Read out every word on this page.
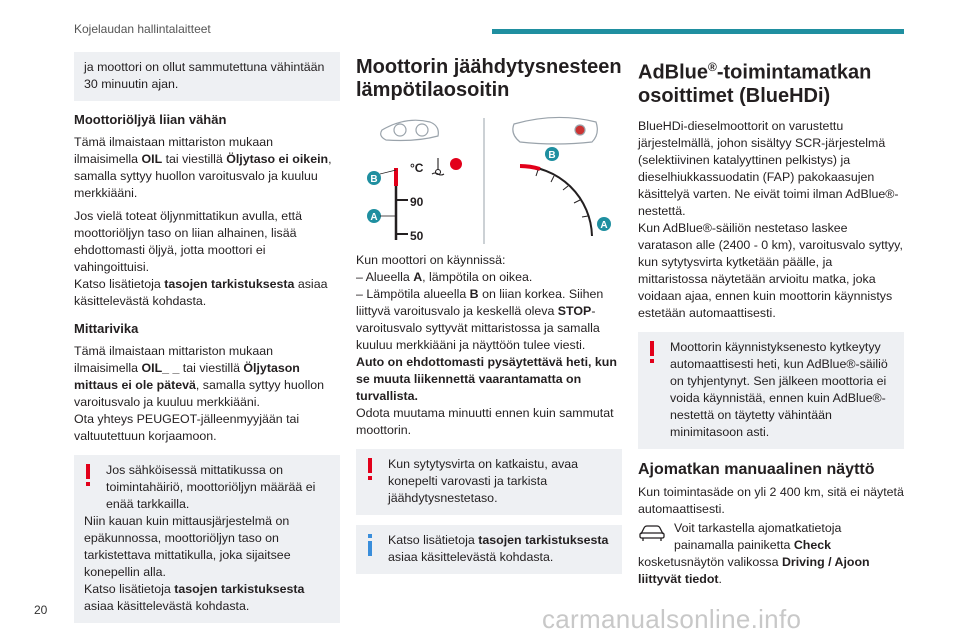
Kojelaudan hallintalaitteet

ja moottori on ollut sammutettuna vähintään 30 minuutin ajan.

Moottoriöljyä liian vähän

Tämä ilmaistaan mittariston mukaan ilmaisimella OIL tai viestillä Öljytaso ei oikein, samalla syttyy huollon varoitusvalo ja kuuluu merkkiääni.

Jos vielä toteat öljynmittatikun avulla, että moottoriöljyn taso on liian alhainen, lisää ehdottomasti öljyä, jotta moottori ei vahingoittuisi.

Katso lisätietoja tasojen tarkistuksesta asiaa käsittelevästä kohdasta.

Mittarivika

Tämä ilmaistaan mittariston mukaan ilmaisimella OIL_ _ tai viestillä Öljytason mittaus ei ole pätevä, samalla syttyy huollon varoitusvalo ja kuuluu merkkiääni.

Ota yhteys PEUGEOT-jälleenmyyjään tai valtuutettuun korjaamoon.

Jos sähköisessä mittatikussa on toimintahäiriö, moottoriöljyn määrää ei enää tarkkailla.

Niin kauan kuin mittausjärjestelmä on epäkunnossa, moottoriöljyn taso on tarkistettava mittatikulla, joka sijaitsee konepellin alla.

Katso lisätietoja tasojen tarkistuksesta asiaa käsittelevästä kohdasta.

Moottorin jäähdytysnesteen lämpötilaosoitin
°C
90
50
B
A
B
A

Kun moottori on käynnissä:

– Alueella A, lämpötila on oikea.

– Lämpötila alueella B on liian korkea. Siihen liittyvä varoitusvalo ja keskellä oleva STOP-varoitusvalo syttyvät mittaristossa ja samalla kuuluu merkkiääni ja näyttöön tulee viesti.

Auto on ehdottomasti pysäytettävä heti, kun se muuta liikennettä vaarantamatta on turvallista.

Odota muutama minuutti ennen kuin sammutat moottorin.

Kun sytytysvirta on katkaistu, avaa konepelti varovasti ja tarkista jäähdytysnestetaso.

Katso lisätietoja tasojen tarkistuksesta asiaa käsittelevästä kohdasta.

AdBlue®-toimintamatkan osoittimet (BlueHDi)

BlueHDi-dieselmoottorit on varustettu järjestelmällä, johon sisältyy SCR-järjestelmä (selektiivinen katalyyttinen pelkistys) ja dieselhiukkassuodatin (FAP) pakokaasujen käsittelyä varten. Ne eivät toimi ilman AdBlue®-nestettä.

Kun AdBlue®-säiliön nestetaso laskee varatason alle (2400 - 0 km), varoitusvalo syttyy, kun sytytysvirta kytketään päälle, ja mittaristossa näytetään arvioitu matka, joka voidaan ajaa, ennen kuin moottorin käynnistys estetään automaattisesti.

Moottorin käynnistyksenesto kytkeytyy automaattisesti heti, kun AdBlue®-säiliö on tyhjentynyt. Sen jälkeen moottoria ei voida käynnistää, ennen kuin AdBlue®-nestettä on täytetty vähintään minimitasoon asti.

Ajomatkan manuaalinen näyttö

Kun toimintasäde on yli 2 400 km, sitä ei näytetä automaattisesti.

Voit tarkastella ajomatkatietoja painamalla painiketta Check kosketusnäytön valikossa Driving / Ajoon liittyvät tiedot.

20	carmanualsonline.info
